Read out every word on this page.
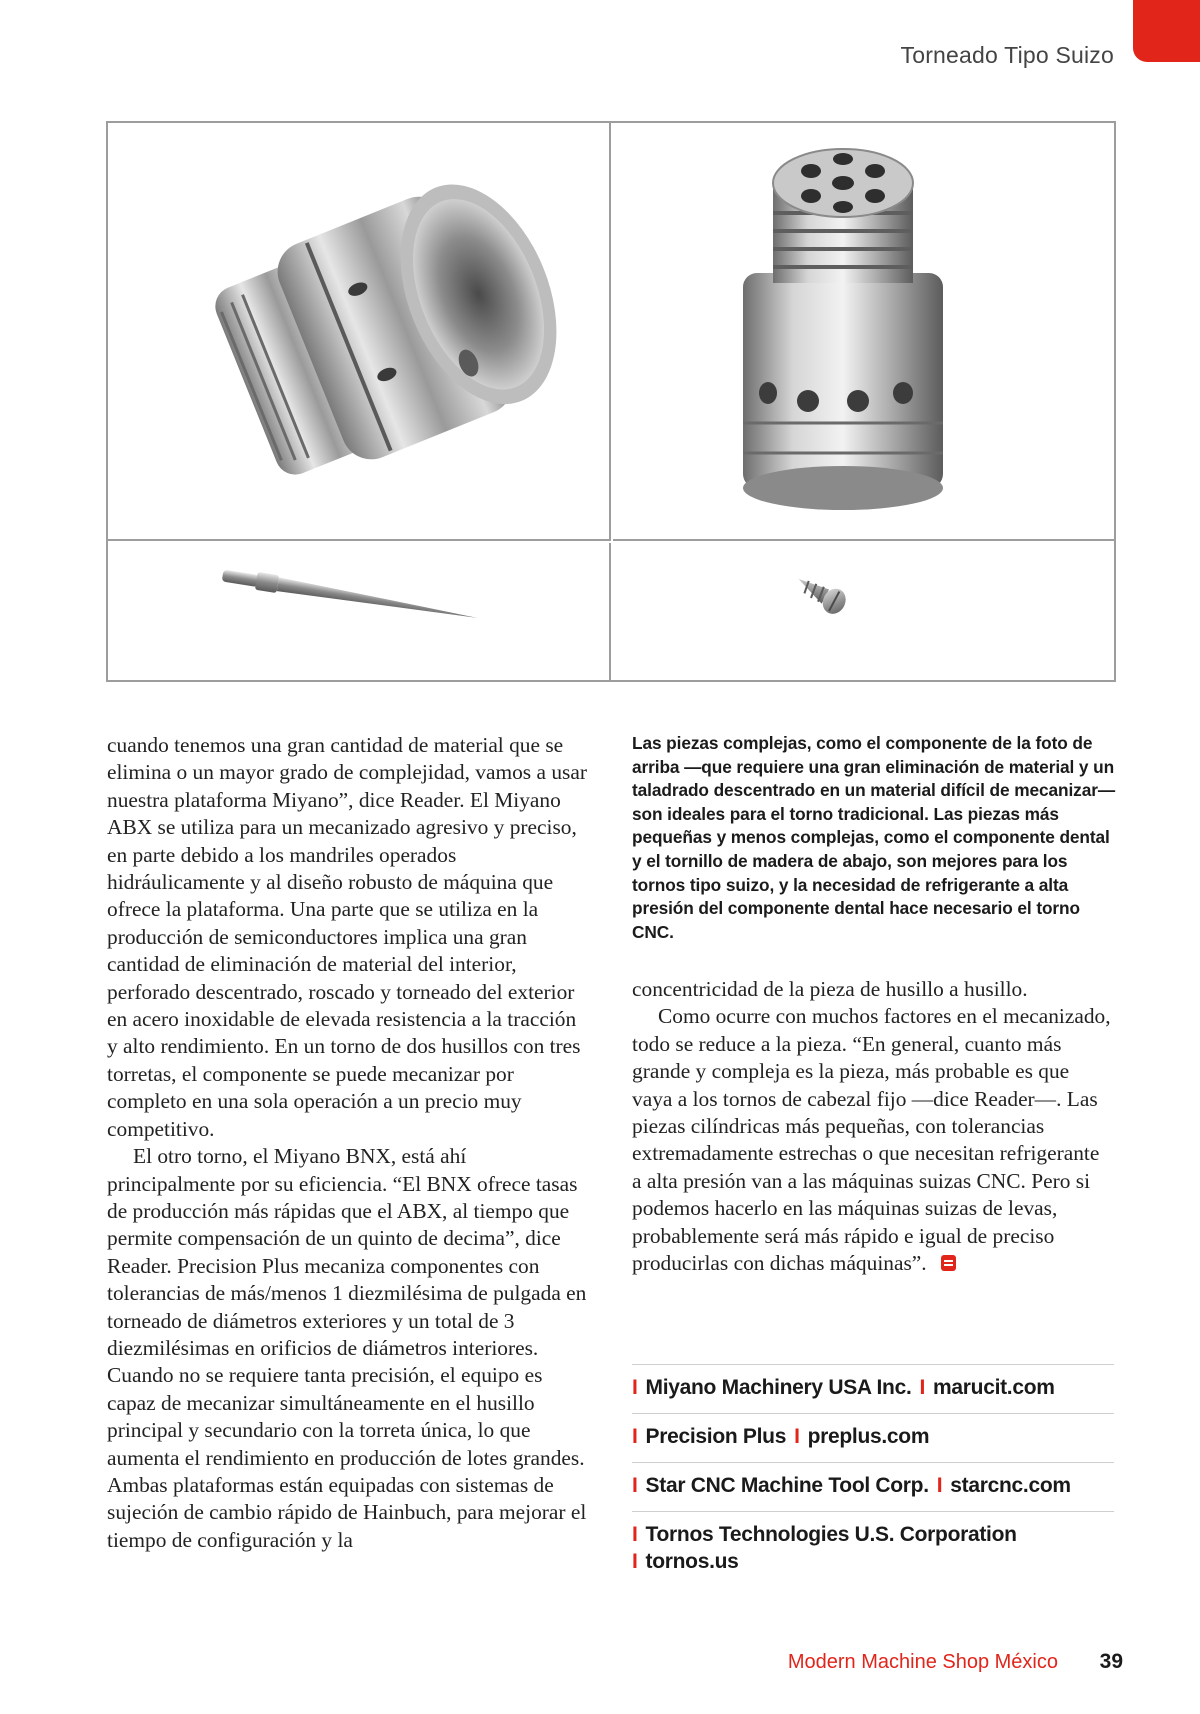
Torneado Tipo Suizo

cuando tenemos una gran cantidad de material que se elimina o un mayor grado de complejidad, vamos a usar nuestra plataforma Miyano”, dice Reader. El Miyano ABX se utiliza para un mecanizado agresivo y preciso, en parte debido a los mandriles operados hidráulicamente y al diseño robusto de máquina que ofrece la plataforma. Una parte que se utiliza en la producción de semiconductores implica una gran cantidad de eliminación de material del interior, perforado descentrado, roscado y torneado del exterior en acero inoxidable de elevada resistencia a la tracción y alto rendimiento. En un torno de dos husillos con tres torretas, el componente se puede mecanizar por completo en una sola operación a un precio muy competitivo.

El otro torno, el Miyano BNX, está ahí principalmente por su eficiencia. “El BNX ofrece tasas de producción más rápidas que el ABX, al tiempo que permite compensación de un quinto de decima”, dice Reader. Precision Plus mecaniza componentes con tolerancias de más/menos 1 diezmilésima de pulgada en torneado de diámetros exteriores y un total de 3 diezmilésimas en orificios de diámetros interiores. Cuando no se requiere tanta precisión, el equipo es capaz de mecanizar simultáneamente en el husillo principal y secundario con la torreta única, lo que aumenta el rendimiento en producción de lotes grandes. Ambas plataformas están equipadas con sistemas de sujeción de cambio rápido de Hainbuch, para mejorar el tiempo de configuración y la

Las piezas complejas, como el componente de la foto de arriba —que requiere una gran eliminación de material y un taladrado descentrado en un material difícil de mecanizar— son ideales para el torno tradicional. Las piezas más pequeñas y menos complejas, como el componente dental y el tornillo de madera de abajo, son mejores para los tornos tipo suizo, y la necesidad de refrigerante a alta presión del componente dental hace necesario el torno CNC.

concentricidad de la pieza de husillo a husillo.

Como ocurre con muchos factores en el mecanizado, todo se reduce a la pieza. “En general, cuanto más grande y compleja es la pieza, más probable es que vaya a los tornos de cabezal fijo —dice Reader—. Las piezas cilíndricas más pequeñas, con tolerancias extremadamente estrechas o que necesitan refrigerante a alta presión van a las máquinas suizas CNC. Pero si podemos hacerlo en las máquinas suizas de levas, probablemente será más rápido e igual de preciso producirlas con dichas máquinas”.

I Miyano Machinery USA Inc. I marucit.com
I Precision Plus I preplus.com
I Star CNC Machine Tool Corp. I starcnc.com
I Tornos Technologies U.S. Corporation
I tornos.us
Modern Machine Shop México 39
